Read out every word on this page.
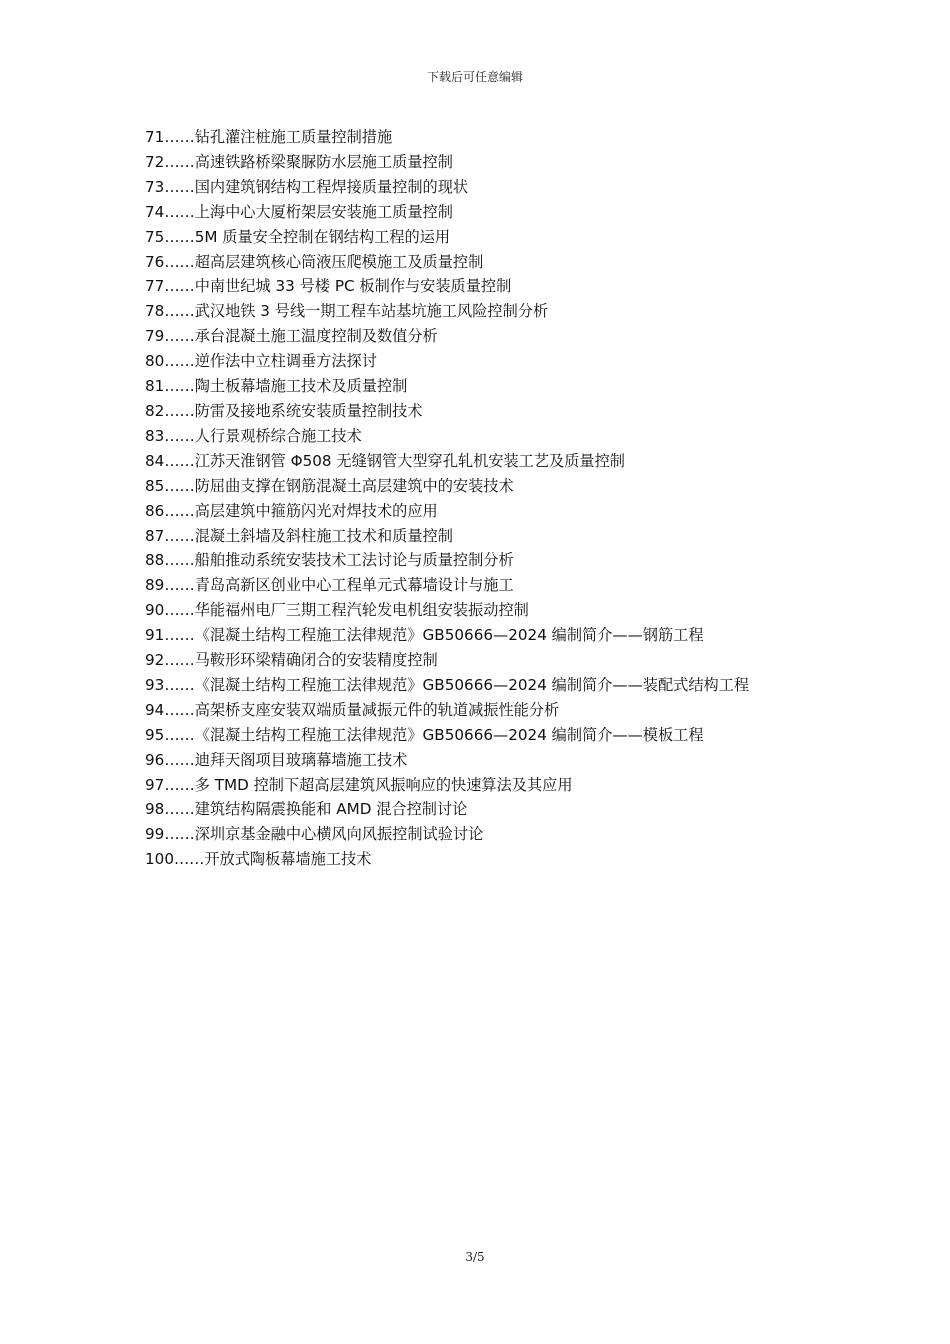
下载后可任意编辑
71……钻孔灌注桩施工质量控制措施
72……高速铁路桥梁聚脲防水层施工质量控制
73……国内建筑钢结构工程焊接质量控制的现状
74……上海中心大厦桁架层安装施工质量控制
75……5M 质量安全控制在钢结构工程的运用
76……超高层建筑核心筒液压爬模施工及质量控制
77……中南世纪城 33 号楼 PC 板制作与安装质量控制
78……武汉地铁 3 号线一期工程车站基坑施工风险控制分析
79……承台混凝土施工温度控制及数值分析
80……逆作法中立柱调垂方法探讨
81……陶土板幕墙施工技术及质量控制
82……防雷及接地系统安装质量控制技术
83……人行景观桥综合施工技术
84……江苏天淮钢管 Φ508 无缝钢管大型穿孔轧机安装工艺及质量控制
85……防屈曲支撑在钢筋混凝土高层建筑中的安装技术
86……高层建筑中箍筋闪光对焊技术的应用
87……混凝土斜墙及斜柱施工技术和质量控制
88……船舶推动系统安装技术工法讨论与质量控制分析
89……青岛高新区创业中心工程单元式幕墙设计与施工
90……华能福州电厂三期工程汽轮发电机组安装振动控制
91……《混凝土结构工程施工法律规范》GB50666—2024 编制简介——钢筋工程
92……马鞍形环梁精确闭合的安装精度控制
93……《混凝土结构工程施工法律规范》GB50666—2024 编制简介——装配式结构工程
94……高架桥支座安装双端质量减振元件的轨道减振性能分析
95……《混凝土结构工程施工法律规范》GB50666—2024 编制简介——模板工程
96……迪拜天阁项目玻璃幕墙施工技术
97……多 TMD 控制下超高层建筑风振响应的快速算法及其应用
98……建筑结构隔震换能和 AMD 混合控制讨论
99……深圳京基金融中心横风向风振控制试验讨论
100……开放式陶板幕墙施工技术
3/5
